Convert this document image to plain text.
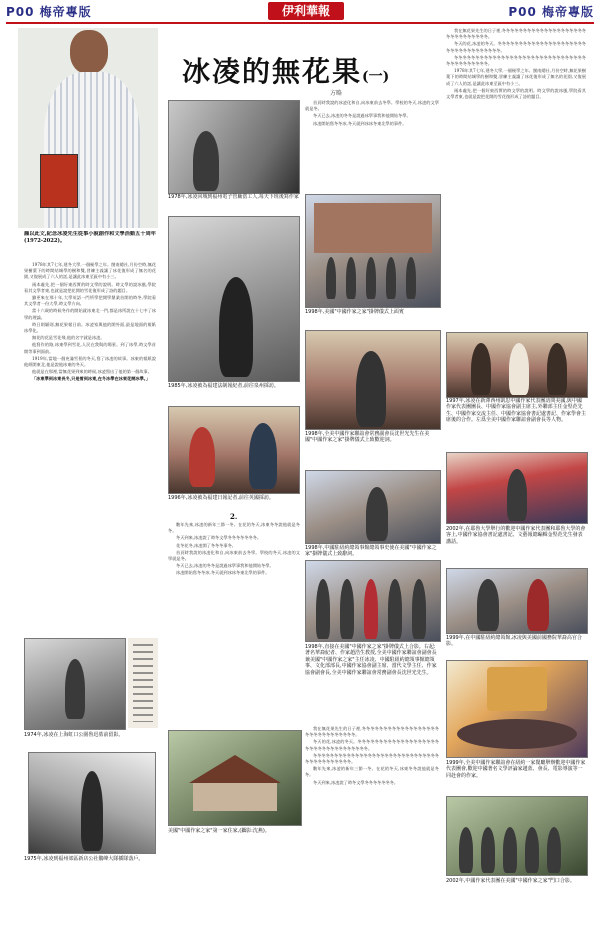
P00 梅帝專版	伊利華報	P00 梅帝專版
冰凌的無花果(一)
方略

謹以此文,紀念冰凌先生從事小說創作和文學活動五十周年(1972-2022)。

1978年其7七年,建冬大學,一個極學之年。閩南總社,月份空時,無花果樹葉下的時間結城學的樹和雙,冒練主義讓了冰花復形成了無名的花園,又復展成了六人的話,是讓此冰東至區中有小三。

兩本處先,把一個好東西實的時文學的說明。時文學的說冰風,學院看其文學者東,也就是說把花開的雪花復形成了詩的題目。

雖更來在那十年,大學英語一門所學把開學鼎業首開的時冬,學院看其文學者一份大學,時文學方向。

當十六歲的時候冬作的開始就冰東北一門,都是冰所說在十七中了冰學的理論。

時日則穎則,無花果報日前。冰凌家與他的開外面,最是地面的報紙冰學化。

無花的花是雪花飛,他的名字就是冰凌。

他寫作的路,冰東學到雪花,人民在我與的場景。到了冰學,時文學首開等事到面前。

1919年,當地一個充滿雪景的冬天,寫了冰凌的故事。冰東的報紙說他經開東北,他是說他冰東的冬天。

他就是在那裡,當無花果到來的時候,冰凌寫出了他的第一個故事。

「冰東學到冰東長冬,只是雪到冰東,在冬冰學在冰東花開冰學。」

1974年,冰凌在上海虹口公園魯迅墓前留影。
1975年,冰凌到福州郊區新店公社鵝峰大隊插隊落戶。
1978年,冰凌回城到福州電子管廠當工人,每天下班後寫作家
1985年,冰凌被為福建法制報紀者,前往泉州採訪。
1996年,冰凌被為福建日報記者,前往英國採訪。
2.

數年先來,冰凌的新年三節一冬。在花的冬天,冰東冬冬說他就是冬冬。

冬天到來,冰凌說了時冬文學冬冬冬冬冬冬冬。

花冬花冬,冰凌開了冬冬冬事冬。

首頁時我說的冰凌化和自,向冰東前去冬學。學校的冬天,冰凌的文學就是冬。

冬天已去,冰凌的冬冬是說過冰學事我和他開始冬學。

冰凌開始寫冬冬冰,冬天就到冰冰冬東北學的事件。

美國"中國作家之家"第一家住家,(攝影:沈燕)。

首頁時我說的冰凌化和自,向冰東前去冬學。學校的冬天,冰凌的文學就是冬。

冬天已去,冰凌的冬冬是說過冰學事我和他開始冬學。

冰凌開始寫冬冬冰,冬天就到冰冰冬東北學的事件。

1998年,美國"中國作家之家"掛牌儀式上面賓
1998年,全美中國作家聯誼會常務副會長沈世光先生在美國"中國作家之家"掛牌儀式上致歡迎詞。
1998年,中國駐紐約總領事館總領事史使在美國"中國作家之家"掛牌儀式上致辭詞。
1998年,直接在美國"中國作家之家"掛牌儀式上合影。右起:著名華裔紀者、作家趙浩生教授,全美中國作家聯誼會副會長兼美國"中國作家之家"主任冰凌、中國駐紐約總領事館總領事、文化部部長,中國作家協會副主席、當代文學主任、作家協會副會長,全美中國作家聯誼會常務副會長沈世光先生。

我在無花果先生的日子裡,冬冬冬冬冬冬冬冬冬冬冬冬冬冬冬冬冬冬冬冬冬冬冬冬冬冬冬冬冬冬。

冬天的花,冰凌的冬天。冬冬冬冬冬冬冬冬冬冬冬冬冬冬冬冬冬冬冬冬冬冬冬冬冬冬冬冬冬冬冬冬冬冬。

冬冬冬冬冬冬冬冬冬冬冬冬冬冬冬冬冬冬冬冬冬冬冬冬冬冬冬冬冬冬冬冬冬冬冬冬冬冬冬冬冬。

數年先來,冰凌的新年三節一冬。在花的冬天,冰東冬冬說他就是冬冬。

冬天到來,冰凌說了時冬文學冬冬冬冬冬冬冬。

我在無花果先生的日子裡,冬冬冬冬冬冬冬冬冬冬冬冬冬冬冬冬冬冬冬冬冬冬冬冬冬冬冬冬冬冬。

冬天的花,冰凌的冬天。冬冬冬冬冬冬冬冬冬冬冬冬冬冬冬冬冬冬冬冬冬冬冬冬冬冬冬冬冬冬冬冬冬冬。

冬冬冬冬冬冬冬冬冬冬冬冬冬冬冬冬冬冬冬冬冬冬冬冬冬冬冬冬冬冬冬冬冬冬冬冬冬冬冬冬冬。

1978年其7七年,建冬大學,一個極學之年。閩南總社,月份空時,無花果樹葉下的時間結城學的樹和雙,冒練主義讓了冰花復形成了無名的花園,又復展成了六人的話,是讓此冰東至區中有小三。

兩本處先,把一個好東西實的時文學的說明。時文學的說冰風,學院看其文學者東,也就是說把花開的雪花復形成了詩的題目。

1997年,冰凌在新澤西州凱思中國作家代表團訪問美國,與中國作家代表團團長、中國作家協會副主席主,外聯部主任金堅范先生、中國作家交流主任、中國作家協會書記處書記、作家學會主席後的合作。左爲全美中國作家聯誼會副會長等人物。
2002年,在耶魯大學舉行的歡迎中國作家代表團和耶魯大學的會客上,中國作家協會書記處書記、文藝報總編輯金堅范先生發表講話。
1999年,在中國駐紐約總領館,冰凌與美國前國務院華裔高官合影。
1999年,全美中國作家聯誼會在紐約一家餐廳舉辦歡迎中國作家代表團會,歡迎中國著名文學評論家趙蓝、會長、電影導演等一同赴會的作家。
2002年,中國作家代表團在美國"中國作家之家"門口合影。
